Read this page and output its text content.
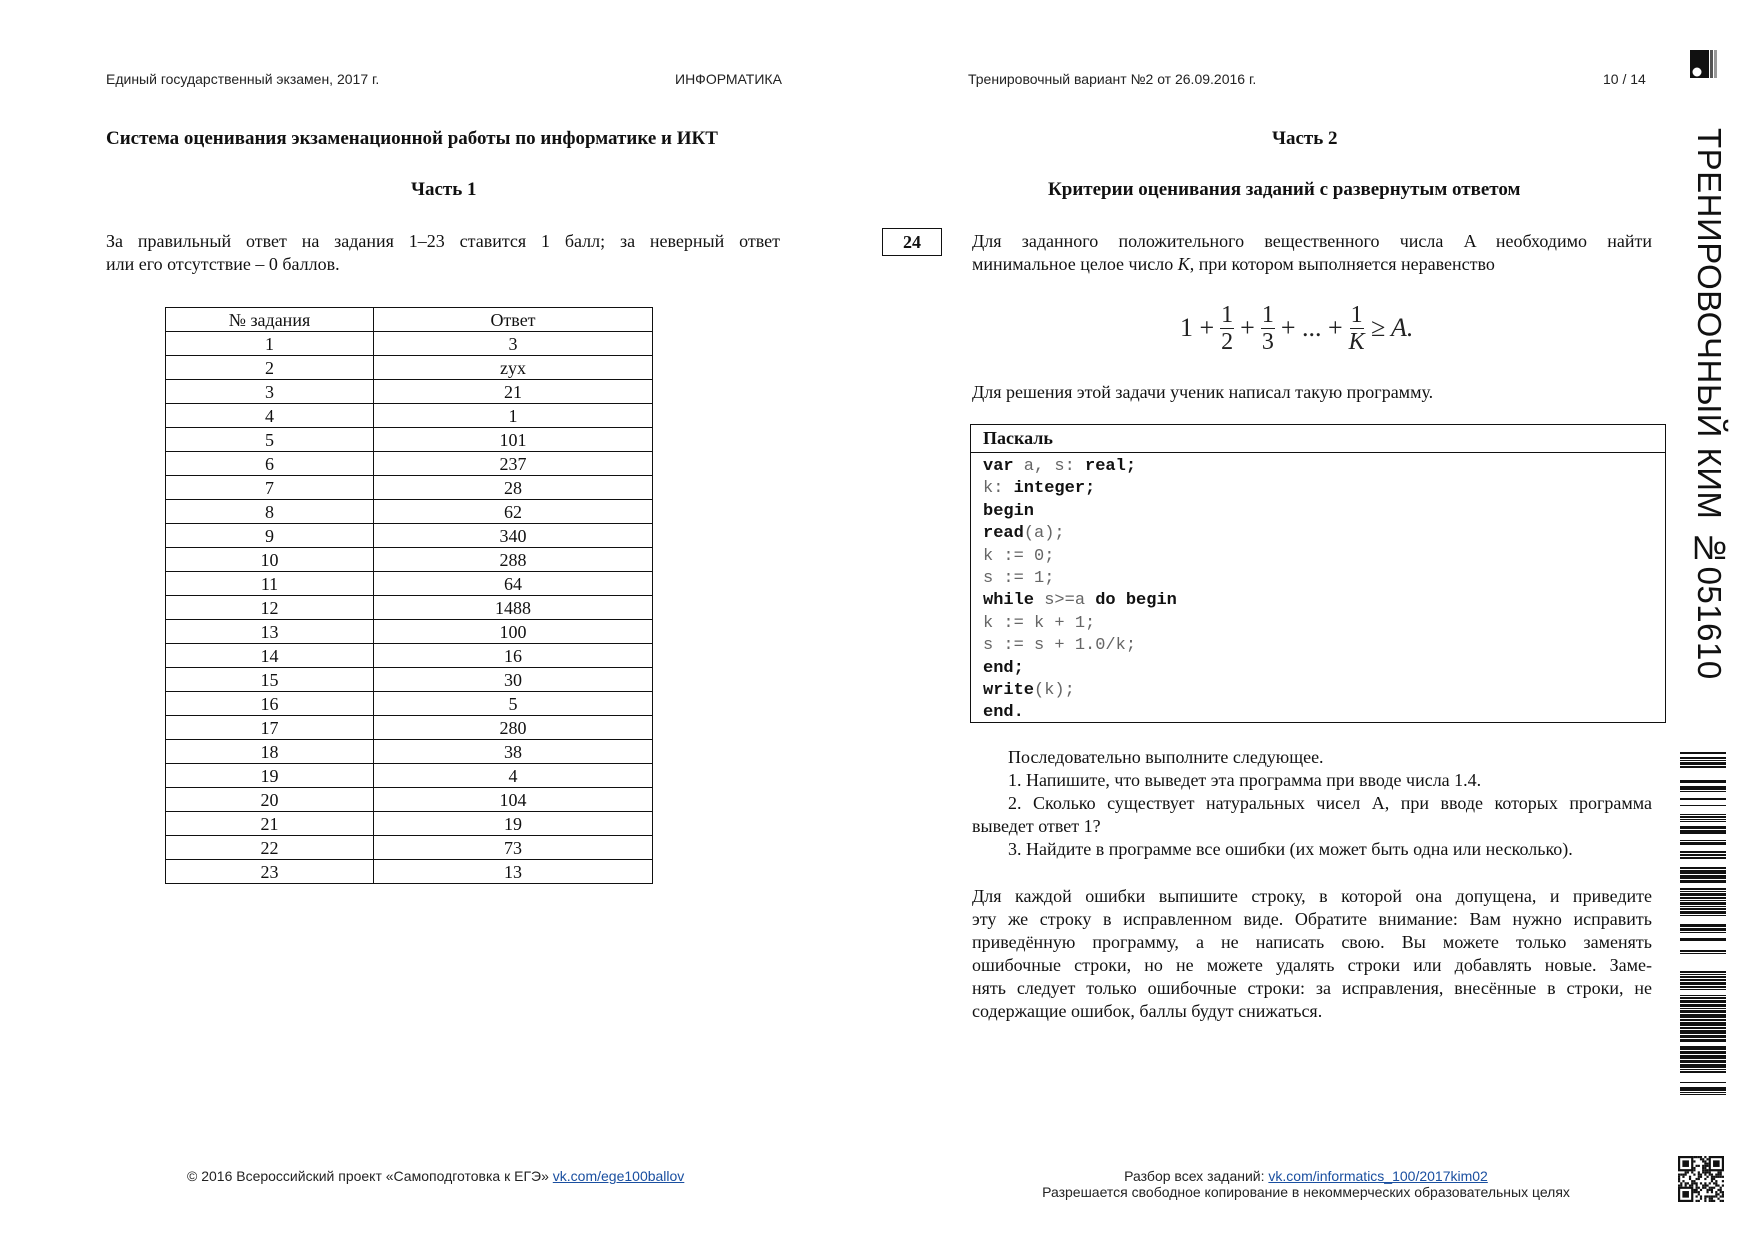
Единый государственный экзамен, 2017 г.	ИНФОРМАТИКА	Тренировочный вариант №2 от 26.09.2016 г.	10 / 14
Система оценивания экзаменационной работы по информатике и ИКТ
Часть 1
За правильный ответ на задания 1–23 ставится 1 балл; за неверный ответ
или его отсутствие – 0 баллов.
№ задания	Ответ
1	3
2	zyx
3	21
4	1
5	101
6	237
7	28
8	62
9	340
10	288
11	64
12	1488
13	100
14	16
15	30
16	5
17	280
18	38
19	4
20	104
21	19
22	73
23	13
Часть 2
Критерии оценивания заданий с развернутым ответом
24	Для заданного положительного вещественного числа A необходимо найти
минимальное целое число K, при котором выполняется неравенство
$1 + \frac{1}{2} + \frac{1}{3}$ + ... + $\frac{1}{K} \ge A$.
Для решения этой задачи ученик написал такую программу.
Паскаль
var a, s: real;
k: integer;
begin
read(a);
k := 0;
s := 1;
while s>=a do begin
k := k + 1;
s := s + 1.0/k;
end;
write(k);
end.
Последовательно выполните следующее.
1. Напишите, что выведет эта программа при вводе числа 1.4.
2. Сколько существует натуральных чисел A, при вводе которых программа
выведет ответ 1?
3. Найдите в программе все ошибки (их может быть одна или несколько).
Для каждой ошибки выпишите строку, в которой она допущена, и приведите
эту же строку в исправленном виде. Обратите внимание: Вам нужно исправить
приведённую программу, а не написать свою. Вы можете только заменять
ошибочные строки, но не можете удалять строки или добавлять новые. Заме-
нять следует только ошибочные строки: за исправления, внесённые в строки, не
содержащие ошибок, баллы будут снижаться.
ТРЕНИРОВОЧНЫЙ КИМ №051610
© 2016 Всероссийский проект «Самоподготовка к ЕГЭ» vk.com/ege100ballov	Разбор всех заданий: vk.com/informatics_100/2017kim02
Разрешается свободное копирование в некоммерческих образовательных целях
